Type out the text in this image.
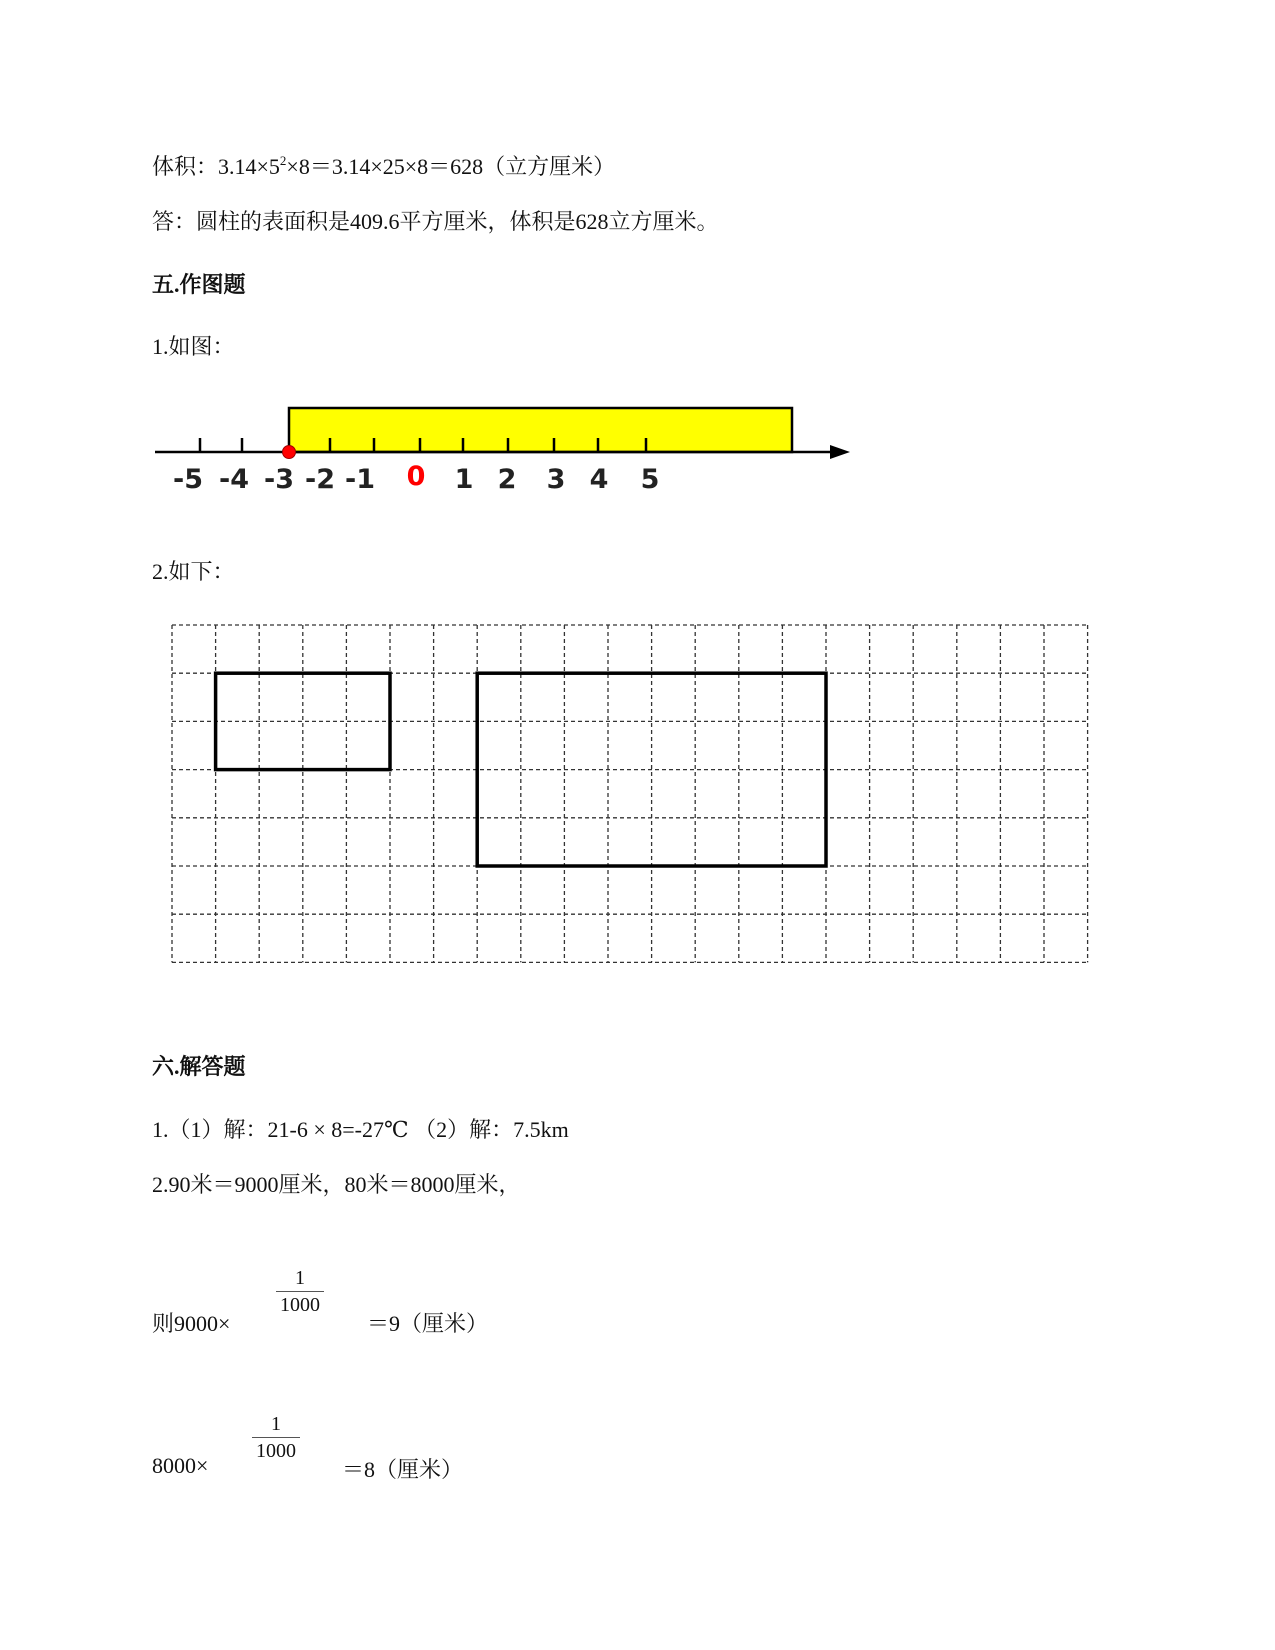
体积：$3.14\times 5^2\times 8=3.14\times 25\times 8=628$（立方厘米）
答：圆柱的表面积是409.6平方厘米，体积是628立方厘米。
五.作图题
1.如图：
-5 -4 -3 -2 -1 0 1 2 3 4 5
2.如下：
六.解答题
1.（1）解：21-6 × 8=-27℃ （2）解：7.5km
2.90米＝9000厘米，80米＝8000厘米，
则9000×
1
1000
＝9（厘米）
8000×
1
1000
＝8（厘米）
